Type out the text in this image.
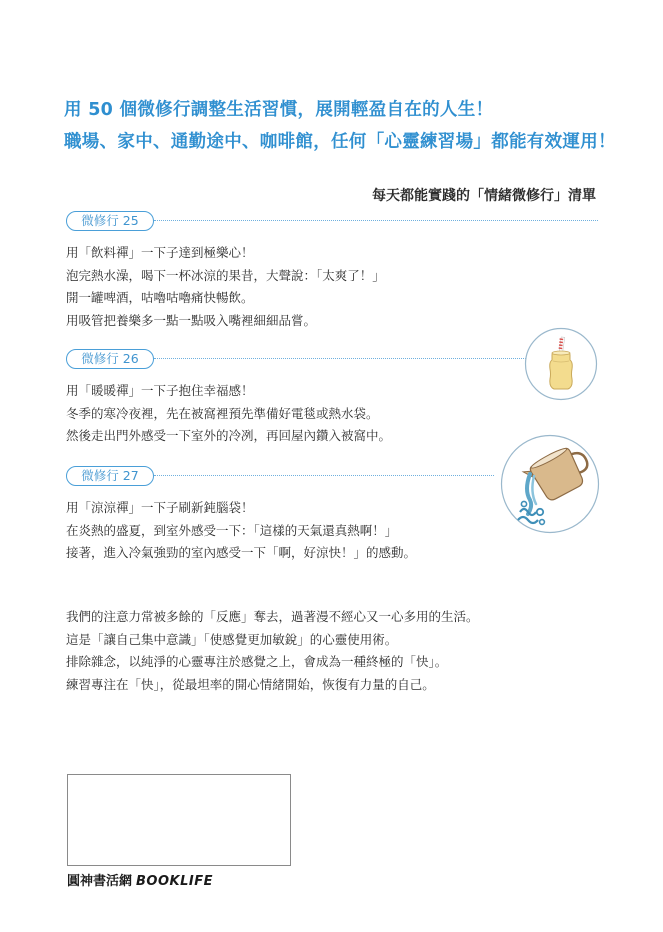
用 50 個微修行調整生活習慣，展開輕盈自在的人生！
職場、家中、通勤途中、咖啡館，任何「心靈練習場」都能有效運用！
每天都能實踐的「情緒微修行」清單
微修行 25
用「飲料禪」一下子達到極樂心！
泡完熱水澡，喝下一杯冰涼的果昔，大聲說：「太爽了！」
開一罐啤酒，咕嚕咕嚕痛快暢飲。
用吸管把養樂多一點一點吸入嘴裡細細品嘗。
微修行 26
用「暖暖禪」一下子抱住幸福感！
冬季的寒冷夜裡，先在被窩裡預先準備好電毯或熱水袋。
然後走出門外感受一下室外的冷冽，再回屋內鑽入被窩中。
微修行 27
用「涼涼禪」一下子刷新鈍腦袋！
在炎熱的盛夏，到室外感受一下：「這樣的天氣還真熱啊！」
接著，進入冷氣強勁的室內感受一下「啊，好涼快！」的感動。
我們的注意力常被多餘的「反應」奪去，過著漫不經心又一心多用的生活。
這是「讓自己集中意識」「使感覺更加敏銳」的心靈使用術。
排除雜念，以純淨的心靈專注於感覺之上，會成為一種終極的「快」。
練習專注在「快」，從最坦率的開心情緒開始，恢復有力量的自己。
圓神書活網 BOOKLIFE
